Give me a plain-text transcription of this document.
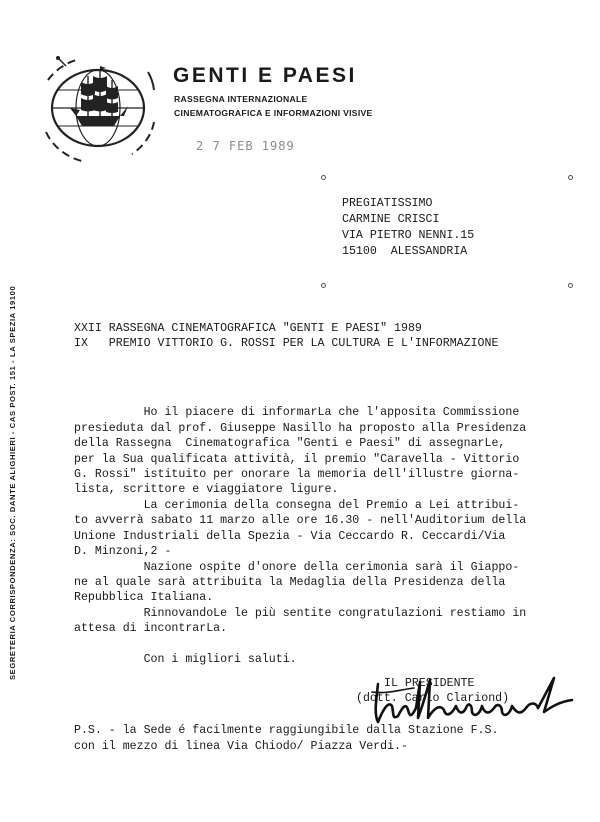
GENTI E PAESI
RASSEGNA INTERNAZIONALE
CINEMATOGRAFICA E INFORMAZIONI VISIVE
2 7 FEB 1989
SEGRETERIA CORRISPONDENZA: SOC. DANTE ALIGHIERI - CAS POST. 151 - LA SPEZIA 19100
PREGIATISSIMO
CARMINE CRISCI
VIA PIETRO NENNI.15
15100  ALESSANDRIA
XXII RASSEGNA CINEMATOGRAFICA "GENTI E PAESI" 1989
IX   PREMIO VITTORIO G. ROSSI PER LA CULTURA E L'INFORMAZIONE
Ho il piacere di informarLa che l'apposita Commissione
presieduta dal prof. Giuseppe Nasillo ha proposto alla Presidenza
della Rassegna  Cinematografica "Genti e Paesi" di assegnarLe,
per la Sua qualificata attività, il premio "Caravella - Vittorio
G. Rossi" istituito per onorare la memoria dell'illustre giorna-
lista, scrittore e viaggiatore ligure.
La cerimonia della consegna del Premio a Lei attribui-
to avverrà sabato 11 marzo alle ore 16.30 - nell'Auditorium della
Unione Industriali della Spezia - Via Ceccardo R. Ceccardi/Via
D. Minzoni,2 -
Nazione ospite d'onore della cerimonia sarà il Giappo-
ne al quale sarà attribuita la Medaglia della Presidenza della
Repubblica Italiana.
RinnovandoLe le più sentite congratulazioni restiamo in
attesa di incontrarLa.
Con i migliori saluti.
IL PRESIDENTE
(dott. Carlo Clariond)
P.S. - la Sede é facilmente raggiungibile dalla Stazione F.S.
con il mezzo di linea Via Chiodo/ Piazza Verdi.-
